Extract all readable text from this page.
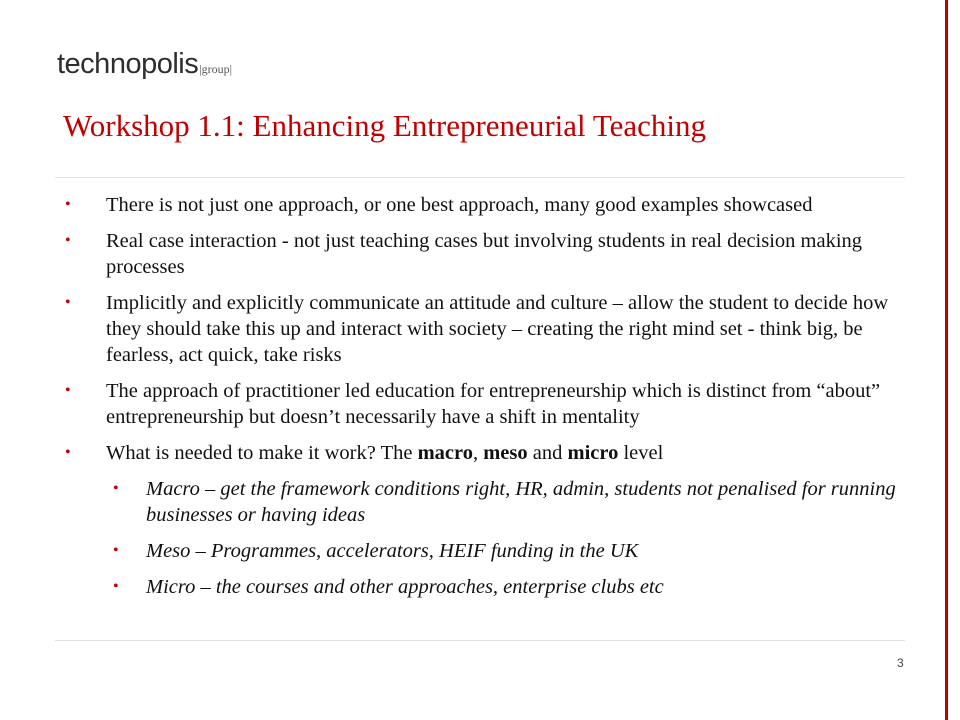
technopolis|group|
Workshop 1.1: Enhancing Entrepreneurial Teaching
• There is not just one approach, or one best approach, many good examples showcased
• Real case interaction - not just teaching cases but involving students in real decision making processes
• Implicitly and explicitly communicate an attitude and culture – allow the student to decide how they should take this up and interact with society – creating the right mind set - think big, be fearless, act quick, take risks
• The approach of practitioner led education for entrepreneurship which is distinct from “about” entrepreneurship but doesn’t necessarily have a shift in mentality
• What is needed to make it work? The macro, meso and micro level
• Macro – get the framework conditions right, HR, admin, students not penalised for running businesses or having ideas
• Meso – Programmes, accelerators, HEIF funding in the UK
• Micro – the courses and other approaches, enterprise clubs etc
3
